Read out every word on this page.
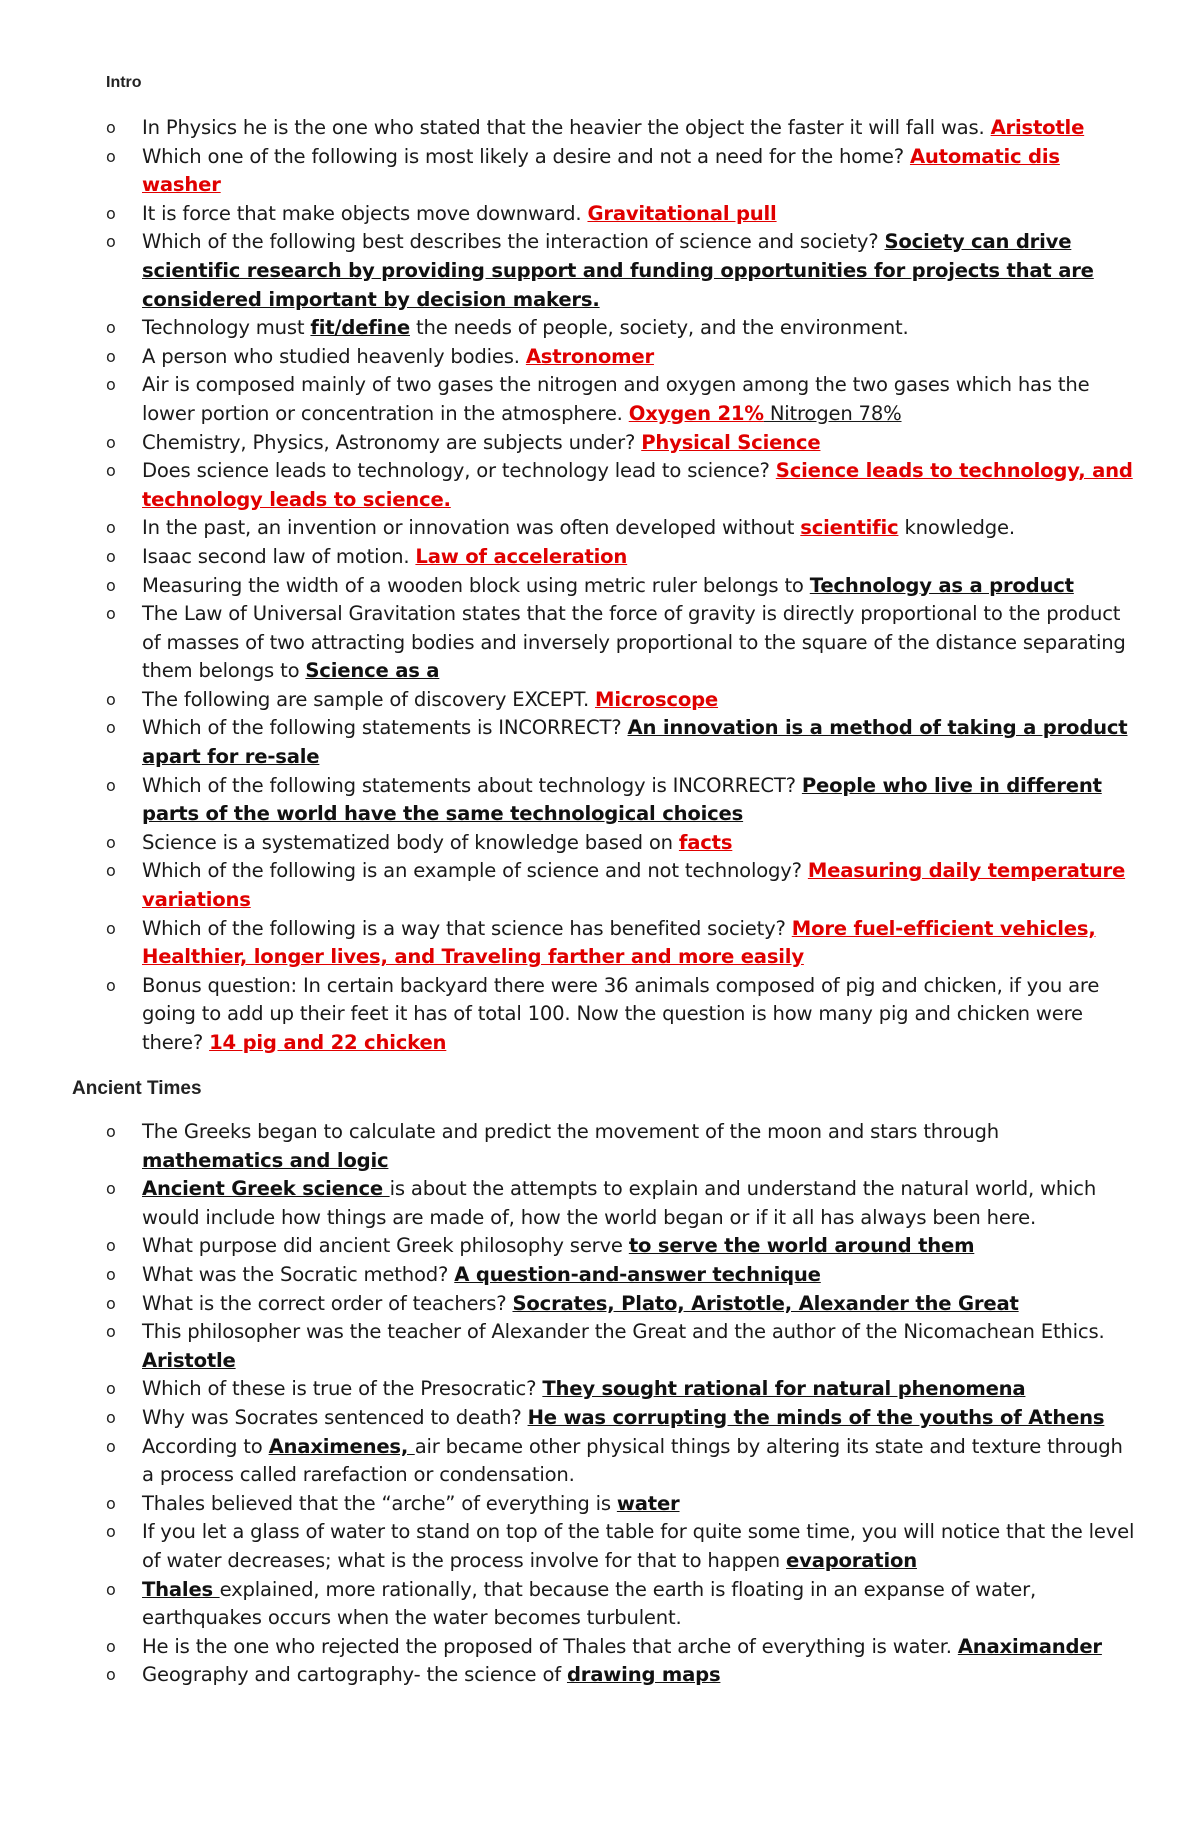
Intro
o In Physics he is the one who stated that the heavier the object the faster it will fall was. Aristotle
o Which one of the following is most likely a desire and not a need for the home? Automatic dis washer
o It is force that make objects move downward. Gravitational pull
o Which of the following best describes the interaction of science and society? Society can drive scientific research by providing support and funding opportunities for projects that are considered important by decision makers.
o Technology must fit/define the needs of people, society, and the environment.
o A person who studied heavenly bodies. Astronomer
o Air is composed mainly of two gases the nitrogen and oxygen among the two gases which has the lower portion or concentration in the atmosphere. Oxygen 21% Nitrogen 78%
o Chemistry, Physics, Astronomy are subjects under? Physical Science
o Does science leads to technology, or technology lead to science? Science leads to technology, and technology leads to science.
o In the past, an invention or innovation was often developed without scientific knowledge.
o Isaac second law of motion. Law of acceleration
o Measuring the width of a wooden block using metric ruler belongs to Technology as a product
o The Law of Universal Gravitation states that the force of gravity is directly proportional to the product of masses of two attracting bodies and inversely proportional to the square of the distance separating them belongs to Science as a
o The following are sample of discovery EXCEPT. Microscope
o Which of the following statements is INCORRECT? An innovation is a method of taking a product apart for re-sale
o Which of the following statements about technology is INCORRECT? People who live in different parts of the world have the same technological choices
o Science is a systematized body of knowledge based on facts
o Which of the following is an example of science and not technology? Measuring daily temperature variations
o Which of the following is a way that science has benefited society? More fuel-efficient vehicles, Healthier, longer lives, and Traveling farther and more easily
o Bonus question: In certain backyard there were 36 animals composed of pig and chicken, if you are going to add up their feet it has of total 100. Now the question is how many pig and chicken were there? 14 pig and 22 chicken
Ancient Times
o The Greeks began to calculate and predict the movement of the moon and stars through mathematics and logic
o Ancient Greek science is about the attempts to explain and understand the natural world, which would include how things are made of, how the world began or if it all has always been here.
o What purpose did ancient Greek philosophy serve to serve the world around them
o What was the Socratic method? A question-and-answer technique
o What is the correct order of teachers? Socrates, Plato, Aristotle, Alexander the Great
o This philosopher was the teacher of Alexander the Great and the author of the Nicomachean Ethics. Aristotle
o Which of these is true of the Presocratic? They sought rational for natural phenomena
o Why was Socrates sentenced to death? He was corrupting the minds of the youths of Athens
o According to Anaximenes, air became other physical things by altering its state and texture through a process called rarefaction or condensation.
o Thales believed that the “arche” of everything is water
o If you let a glass of water to stand on top of the table for quite some time, you will notice that the level of water decreases; what is the process involve for that to happen evaporation
o Thales explained, more rationally, that because the earth is floating in an expanse of water, earthquakes occurs when the water becomes turbulent.
o He is the one who rejected the proposed of Thales that arche of everything is water. Anaximander
o Geography and cartography- the science of drawing maps
